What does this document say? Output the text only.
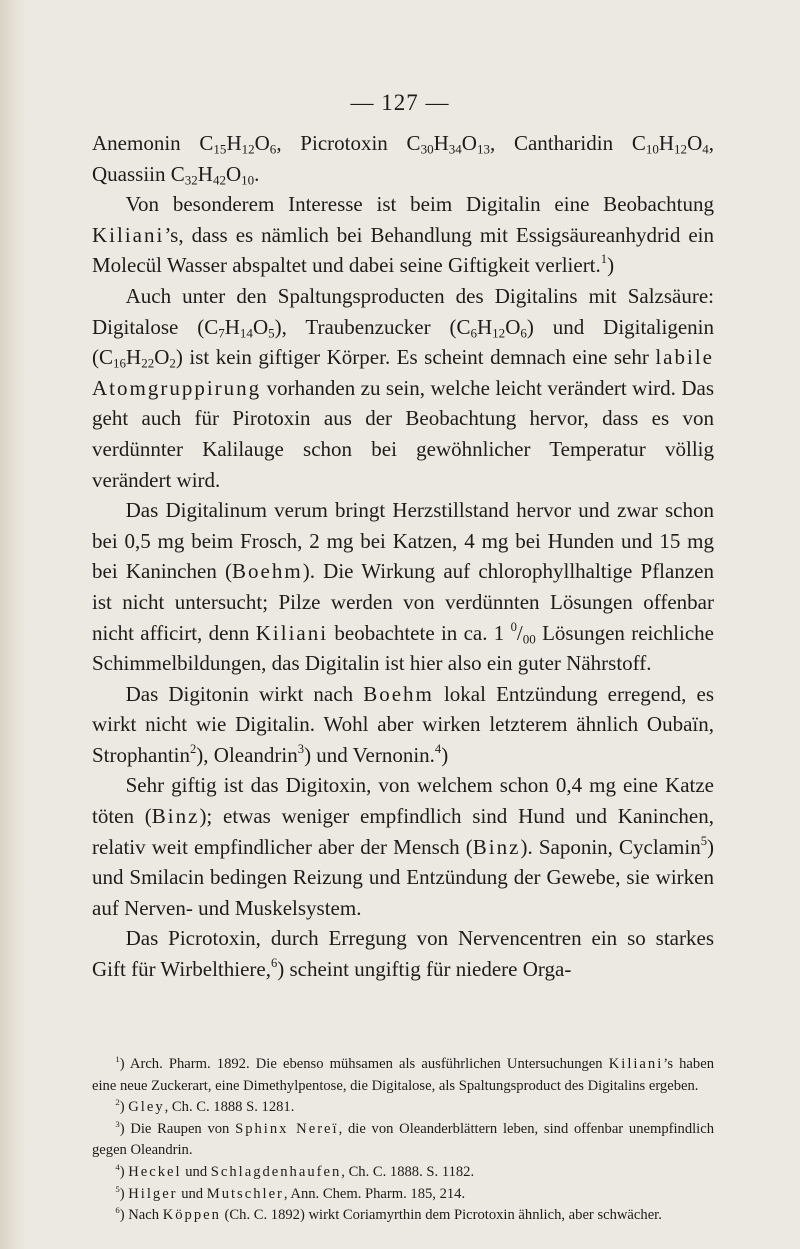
— 127 —

Anemonin $C_{15}H_{12}O_6$, Picrotoxin $C_{30}H_{34}O_{13}$, Cantharidin $C_{10}H_{12}O_4$, Quassiin $C_{32}H_{42}O_{10}$.

Von besonderem Interesse ist beim Digitalin eine Beobachtung Kiliani’s, dass es nämlich bei Behandlung mit Essigsäureanhydrid ein Molecül Wasser abspaltet und dabei seine Giftigkeit verliert.$^1$)

Auch unter den Spaltungsproducten des Digitalins mit Salzsäure: Digitalose $(C_7H_{14}O_5)$, Traubenzucker $(C_6H_{12}O_6)$ und Digitaligenin $(C_{16}H_{22}O_2)$ ist kein giftiger Körper. Es scheint demnach eine sehr labile Atomgruppirung vorhanden zu sein, welche leicht verändert wird. Das geht auch für Pirotoxin aus der Beobachtung hervor, dass es von verdünnter Kalilauge schon bei gewöhnlicher Temperatur völlig verändert wird.

Das Digitalinum verum bringt Herzstillstand hervor und zwar schon bei 0,5 mg beim Frosch, 2 mg bei Katzen, 4 mg bei Hunden und 15 mg bei Kaninchen (Boehm). Die Wirkung auf chlorophyllhaltige Pflanzen ist nicht untersucht; Pilze werden von verdünnten Lösungen offenbar nicht afficirt, denn Kiliani beobachtete in ca. 1 $^0/_{00}$ Lösungen reichliche Schimmelbildungen, das Digitalin ist hier also ein guter Nährstoff.

Das Digitonin wirkt nach Boehm lokal Entzündung erregend, es wirkt nicht wie Digitalin. Wohl aber wirken letzterem ähnlich Oubaïn, Strophantin$^2$), Oleandrin$^3$) und Vernonin.$^4$)

Sehr giftig ist das Digitoxin, von welchem schon 0,4 mg eine Katze töten (Binz); etwas weniger empfindlich sind Hund und Kaninchen, relativ weit empfindlicher aber der Mensch (Binz). Saponin, Cyclamin$^5$) und Smilacin bedingen Reizung und Entzündung der Gewebe, sie wirken auf Nerven- und Muskelsystem.

Das Picrotoxin, durch Erregung von Nervencentren ein so starkes Gift für Wirbelthiere,$^6$) scheint ungiftig für niedere Orga-

$^1$) Arch. Pharm. 1892. Die ebenso mühsamen als ausführlichen Untersuchungen Kiliani’s haben eine neue Zuckerart, eine Dimethylpentose, die Digitalose, als Spaltungsproduct des Digitalins ergeben.

$^2$) Gley, Ch. C. 1888 S. 1281.

$^3$) Die Raupen von Sphinx Nereï, die von Oleanderblättern leben, sind offenbar unempfindlich gegen Oleandrin.

$^4$) Heckel und Schlagdenhaufen, Ch. C. 1888. S. 1182.

$^5$) Hilger und Mutschler, Ann. Chem. Pharm. 185, 214.

$^6$) Nach Köppen (Ch. C. 1892) wirkt Coriamyrthin dem Picrotoxin ähnlich, aber schwächer.
